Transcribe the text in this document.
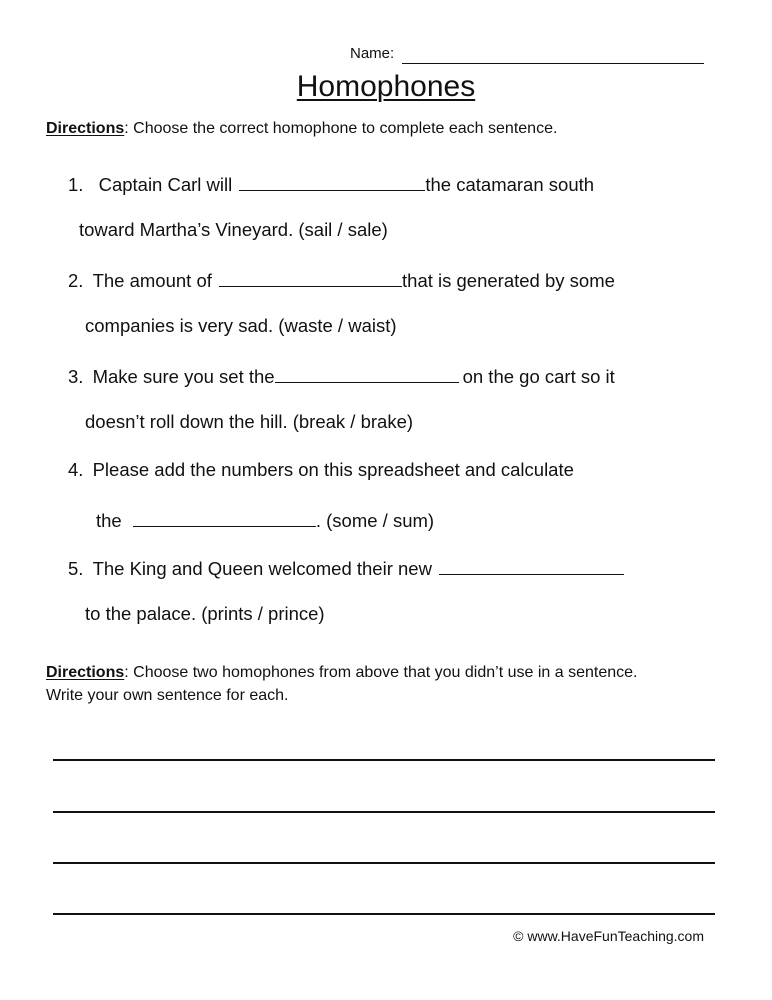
Name:
Homophones
Directions: Choose the correct homophone to complete each sentence.
1. Captain Carl will	the catamaran south
toward Martha’s Vineyard. (sail / sale)
2. The amount of	that is generated by some
companies is very sad. (waste / waist)
3. Make sure you set the	on the go cart so it
doesn’t roll down the hill. (break / brake)
4. Please add the numbers on this spreadsheet and calculate
the	. (some / sum)
5. The King and Queen welcomed their new
to the palace. (prints / prince)
Directions: Choose two homophones from above that you didn’t use in a sentence.
Write your own sentence for each.
© www.HaveFunTeaching.com
